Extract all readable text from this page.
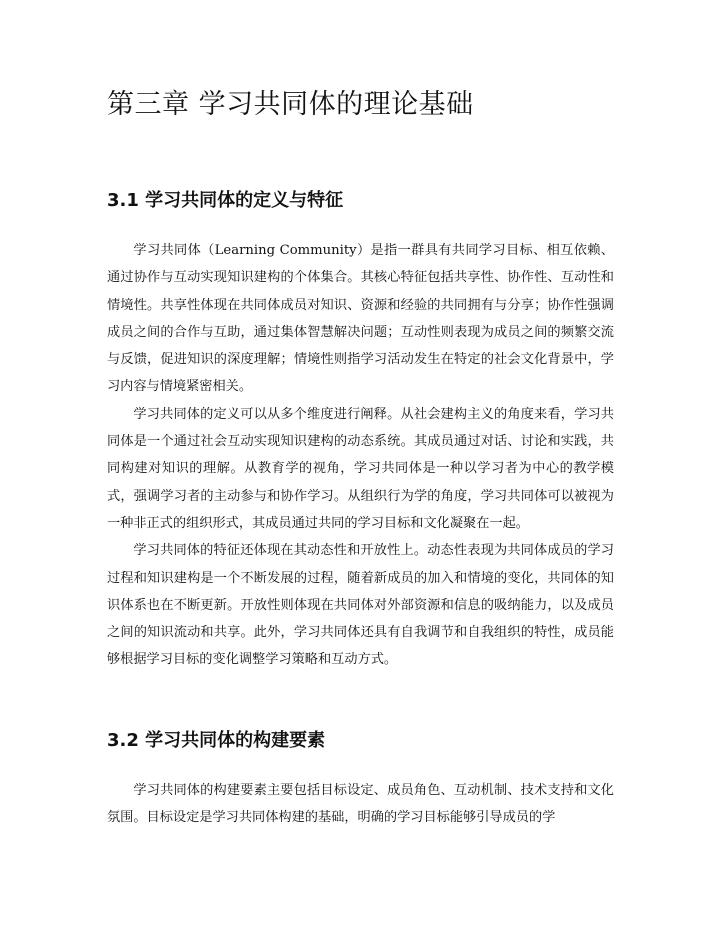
第三章 学习共同体的理论基础
3.1 学习共同体的定义与特征

学习共同体（Learning Community）是指一群具有共同学习目标、相互依赖、通过协作与互动实现知识建构的个体集合。其核心特征包括共享性、协作性、互动性和情境性。共享性体现在共同体成员对知识、资源和经验的共同拥有与分享；协作性强调成员之间的合作与互助，通过集体智慧解决问题；互动性则表现为成员之间的频繁交流与反馈，促进知识的深度理解；情境性则指学习活动发生在特定的社会文化背景中，学习内容与情境紧密相关。

学习共同体的定义可以从多个维度进行阐释。从社会建构主义的角度来看，学习共同体是一个通过社会互动实现知识建构的动态系统。其成员通过对话、讨论和实践，共同构建对知识的理解。从教育学的视角，学习共同体是一种以学习者为中心的教学模式，强调学习者的主动参与和协作学习。从组织行为学的角度，学习共同体可以被视为一种非正式的组织形式，其成员通过共同的学习目标和文化凝聚在一起。

学习共同体的特征还体现在其动态性和开放性上。动态性表现为共同体成员的学习过程和知识建构是一个不断发展的过程，随着新成员的加入和情境的变化，共同体的知识体系也在不断更新。开放性则体现在共同体对外部资源和信息的吸纳能力，以及成员之间的知识流动和共享。此外，学习共同体还具有自我调节和自我组织的特性，成员能够根据学习目标的变化调整学习策略和互动方式。

3.2 学习共同体的构建要素

学习共同体的构建要素主要包括目标设定、成员角色、互动机制、技术支持和文化氛围。目标设定是学习共同体构建的基础，明确的学习目标能够引导成员的学
